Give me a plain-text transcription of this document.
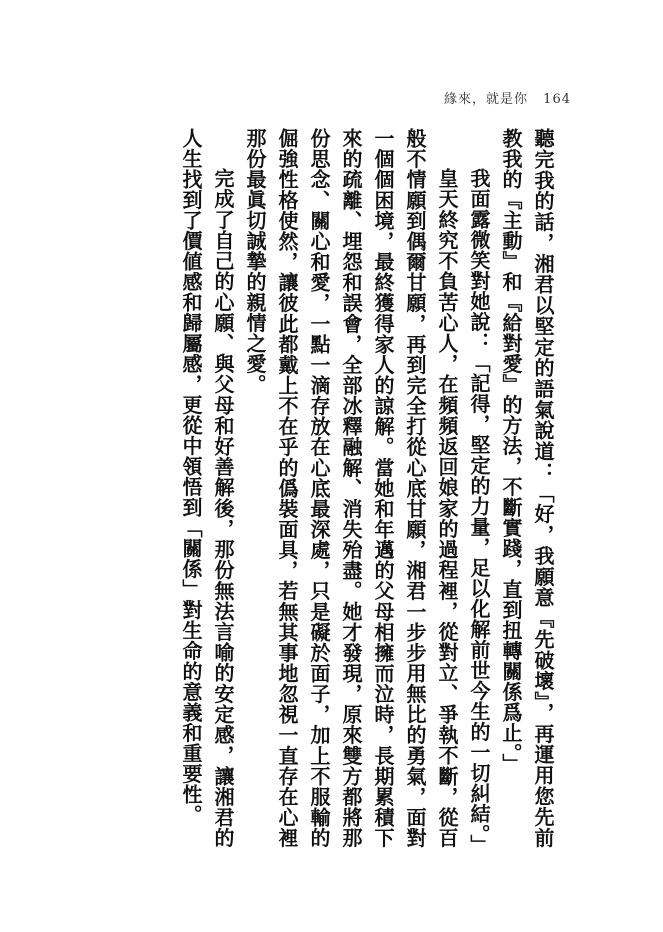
緣來，就是你 164

聽完我的話，湘君以堅定的語氣說道：「好，我願意『先破壞』，再運用您先前教我的『主動』和『給對愛』的方法，不斷實踐，直到扭轉關係爲止。」

我面露微笑對她說：「記得，堅定的力量，足以化解前世今生的一切糾結。」

皇天終究不負苦心人，在頻頻返回娘家的過程裡，從對立、爭執不斷，從百般不情願到偶爾甘願，再到完全打從心底甘願，湘君一步步用無比的勇氣，面對一個個困境，最終獲得家人的諒解。當她和年邁的父母相擁而泣時，長期累積下來的疏離、埋怨和誤會，全部冰釋融解、消失殆盡。她才發現，原來雙方都將那份思念、關心和愛，一點一滴存放在心底最深處，只是礙於面子，加上不服輸的倔強性格使然，讓彼此都戴上不在乎的僞裝面具，若無其事地忽視一直存在心裡那份最眞切誠摯的親情之愛。

完成了自己的心願、與父母和好善解後，那份無法言喻的安定感，讓湘君的人生找到了價値感和歸屬感，更從中領悟到「關係」對生命的意義和重要性。
